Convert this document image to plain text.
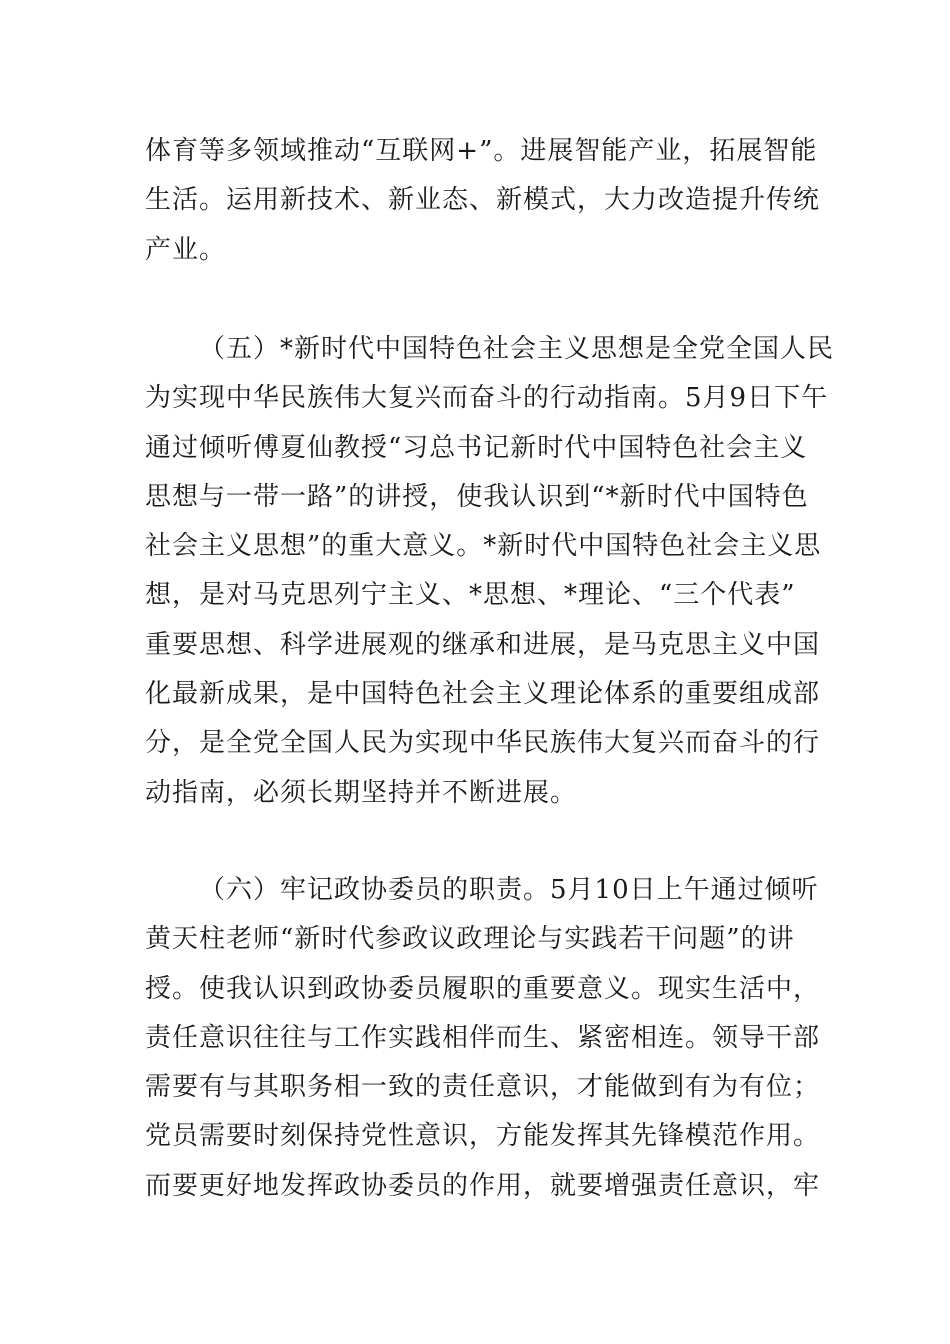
体育等多领域推动“互联网+”。进展智能产业，拓展智能
生活。运用新技术、新业态、新模式，大力改造提升传统
产业。
（五）*新时代中国特色社会主义思想是全党全国人民
为实现中华民族伟大复兴而奋斗的行动指南。5月9日下午
通过倾听傅夏仙教授“习总书记新时代中国特色社会主义
思想与一带一路”的讲授，使我认识到“*新时代中国特色
社会主义思想”的重大意义。*新时代中国特色社会主义思
想，是对马克思列宁主义、*思想、*理论、“三个代表”
重要思想、科学进展观的继承和进展，是马克思主义中国
化最新成果，是中国特色社会主义理论体系的重要组成部
分，是全党全国人民为实现中华民族伟大复兴而奋斗的行
动指南，必须长期坚持并不断进展。
（六）牢记政协委员的职责。5月10日上午通过倾听
黄天柱老师“新时代参政议政理论与实践若干问题”的讲
授。使我认识到政协委员履职的重要意义。现实生活中，
责任意识往往与工作实践相伴而生、紧密相连。领导干部
需要有与其职务相一致的责任意识，才能做到有为有位；
党员需要时刻保持党性意识，方能发挥其先锋模范作用。
而要更好地发挥政协委员的作用，就要增强责任意识，牢
